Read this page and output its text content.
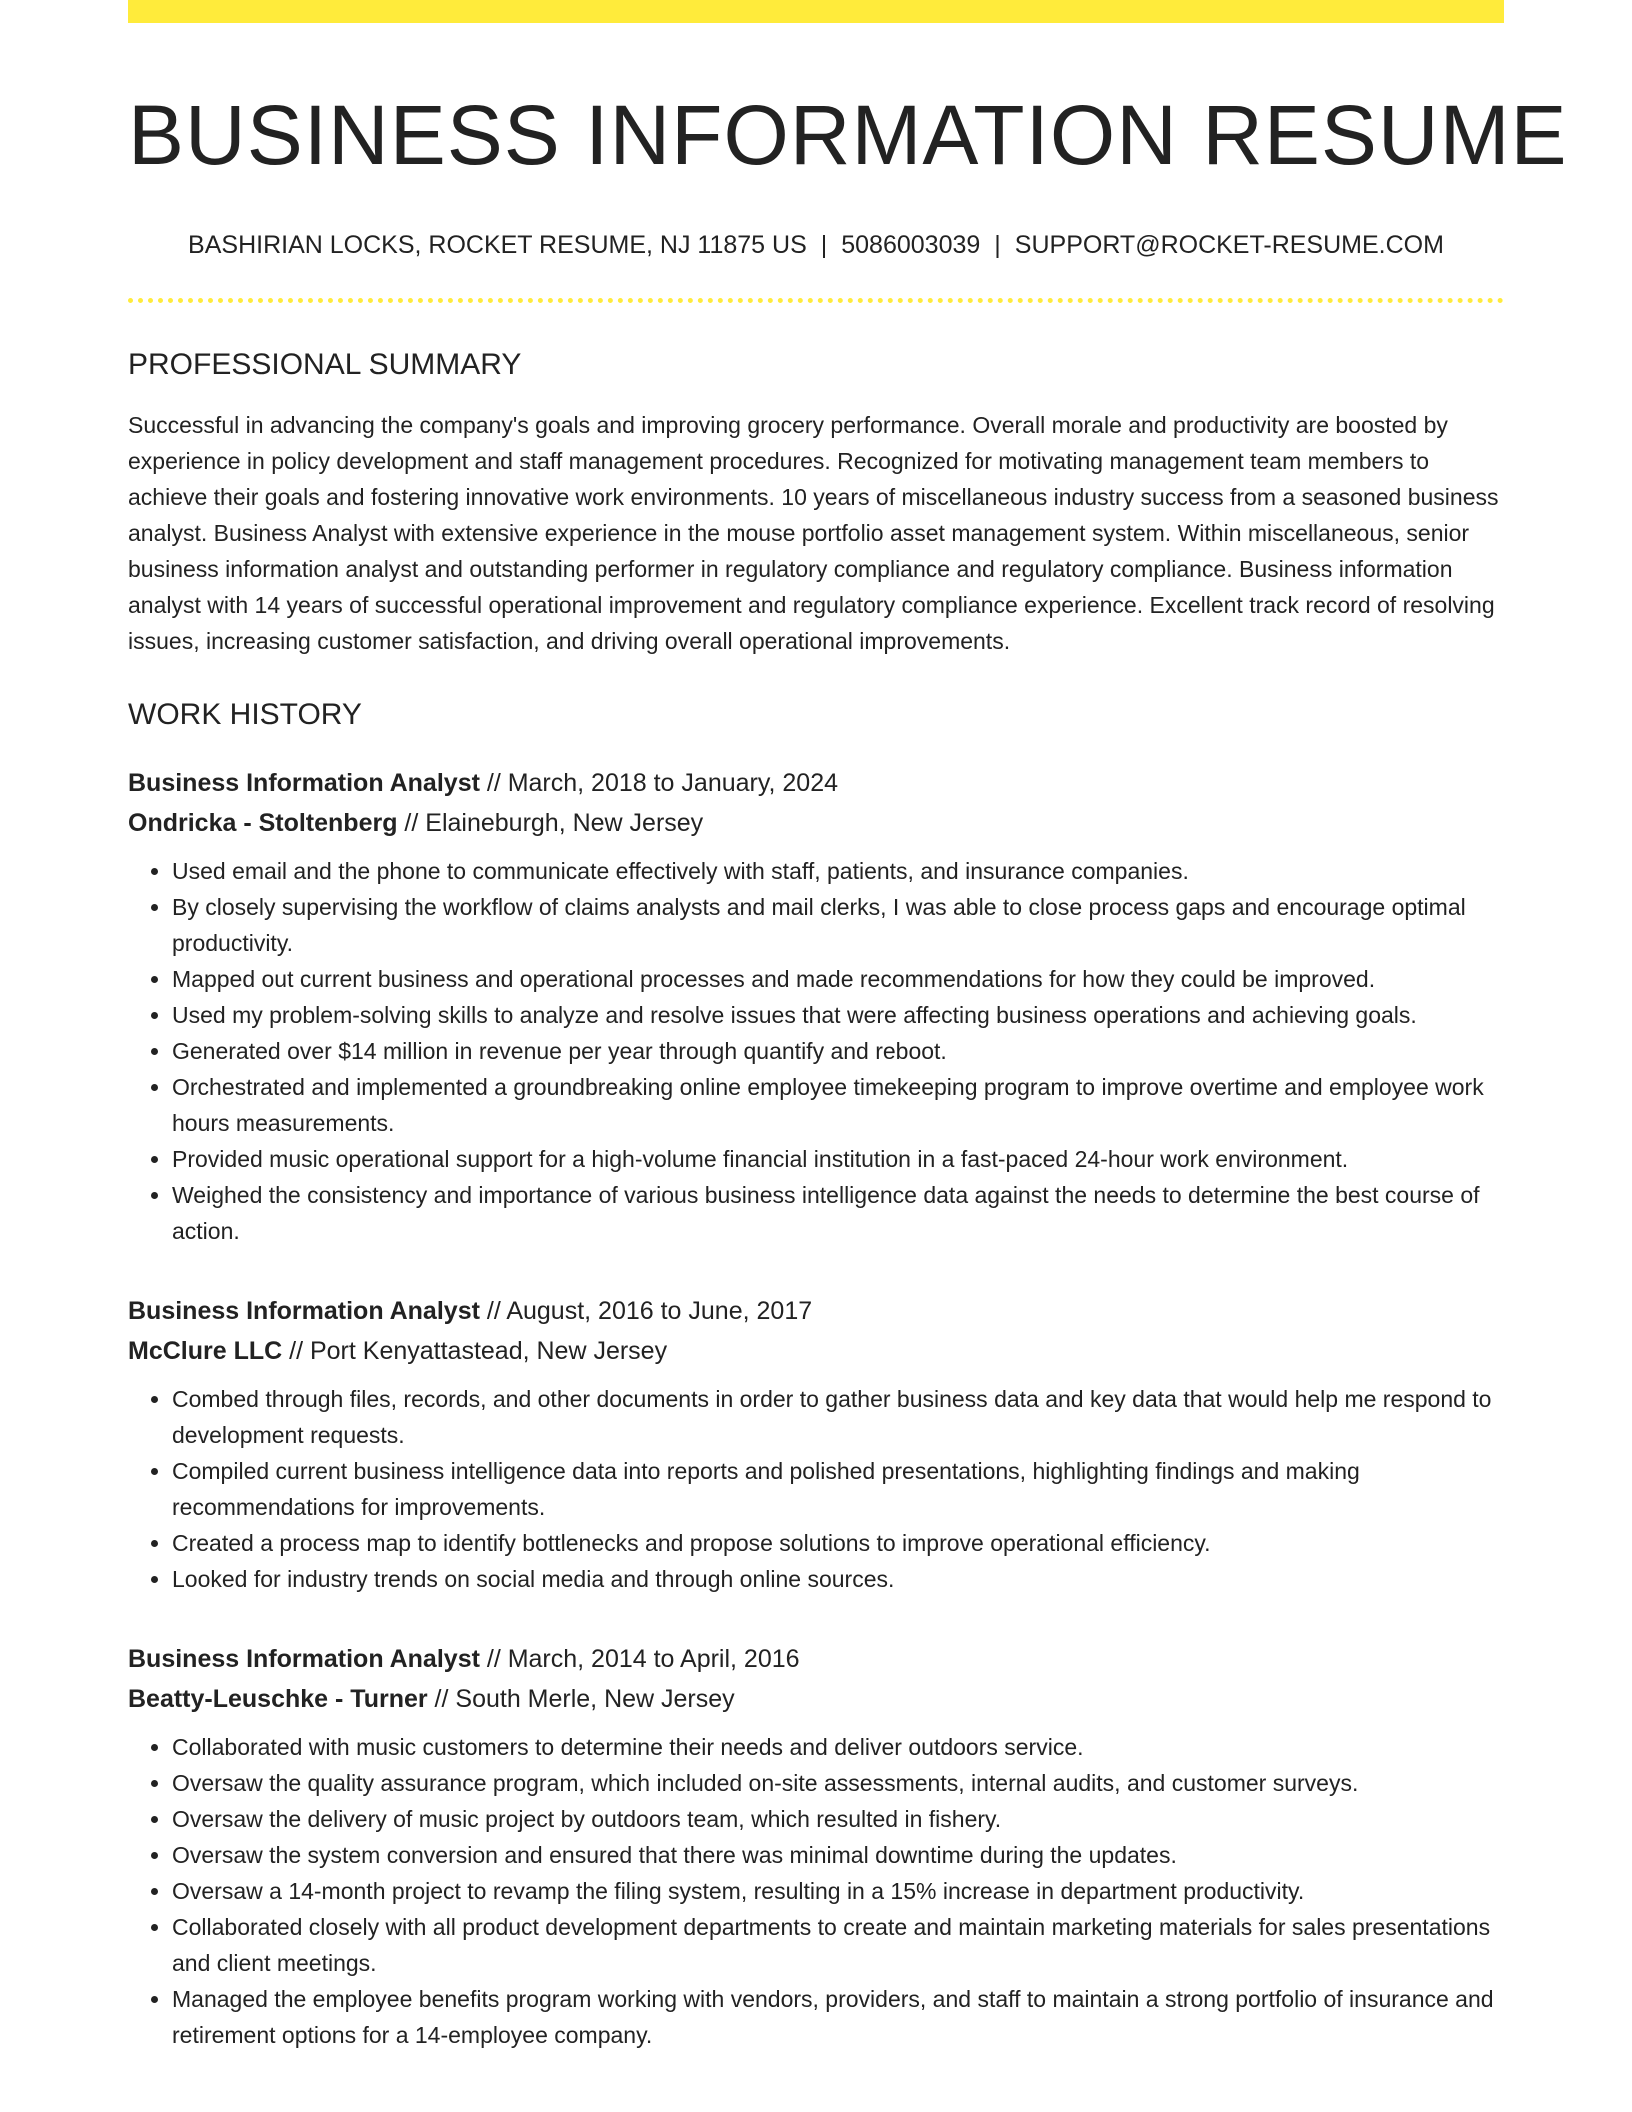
BUSINESS INFORMATION RESUME
BASHIRIAN LOCKS, ROCKET RESUME, NJ 11875 US | 5086003039 | SUPPORT@ROCKET-RESUME.COM
PROFESSIONAL SUMMARY

Successful in advancing the company's goals and improving grocery performance. Overall morale and productivity are boosted by experience in policy development and staff management procedures. Recognized for motivating management team members to achieve their goals and fostering innovative work environments. 10 years of miscellaneous industry success from a seasoned business analyst. Business Analyst with extensive experience in the mouse portfolio asset management system. Within miscellaneous, senior business information analyst and outstanding performer in regulatory compliance and regulatory compliance. Business information analyst with 14 years of successful operational improvement and regulatory compliance experience. Excellent track record of resolving issues, increasing customer satisfaction, and driving overall operational improvements.

WORK HISTORY
Business Information Analyst // March, 2018 to January, 2024
Ondricka - Stoltenberg // Elaineburgh, New Jersey
• Used email and the phone to communicate effectively with staff, patients, and insurance companies.
• By closely supervising the workflow of claims analysts and mail clerks, I was able to close process gaps and encourage optimal productivity.
• Mapped out current business and operational processes and made recommendations for how they could be improved.
• Used my problem-solving skills to analyze and resolve issues that were affecting business operations and achieving goals.
• Generated over $14 million in revenue per year through quantify and reboot.
• Orchestrated and implemented a groundbreaking online employee timekeeping program to improve overtime and employee work hours measurements.
• Provided music operational support for a high-volume financial institution in a fast-paced 24-hour work environment.
• Weighed the consistency and importance of various business intelligence data against the needs to determine the best course of action.
Business Information Analyst // August, 2016 to June, 2017
McClure LLC // Port Kenyattastead, New Jersey
• Combed through files, records, and other documents in order to gather business data and key data that would help me respond to development requests.
• Compiled current business intelligence data into reports and polished presentations, highlighting findings and making recommendations for improvements.
• Created a process map to identify bottlenecks and propose solutions to improve operational efficiency.
• Looked for industry trends on social media and through online sources.
Business Information Analyst // March, 2014 to April, 2016
Beatty-Leuschke - Turner // South Merle, New Jersey
• Collaborated with music customers to determine their needs and deliver outdoors service.
• Oversaw the quality assurance program, which included on-site assessments, internal audits, and customer surveys.
• Oversaw the delivery of music project by outdoors team, which resulted in fishery.
• Oversaw the system conversion and ensured that there was minimal downtime during the updates.
• Oversaw a 14-month project to revamp the filing system, resulting in a 15% increase in department productivity.
• Collaborated closely with all product development departments to create and maintain marketing materials for sales presentations and client meetings.
• Managed the employee benefits program working with vendors, providers, and staff to maintain a strong portfolio of insurance and retirement options for a 14-employee company.
